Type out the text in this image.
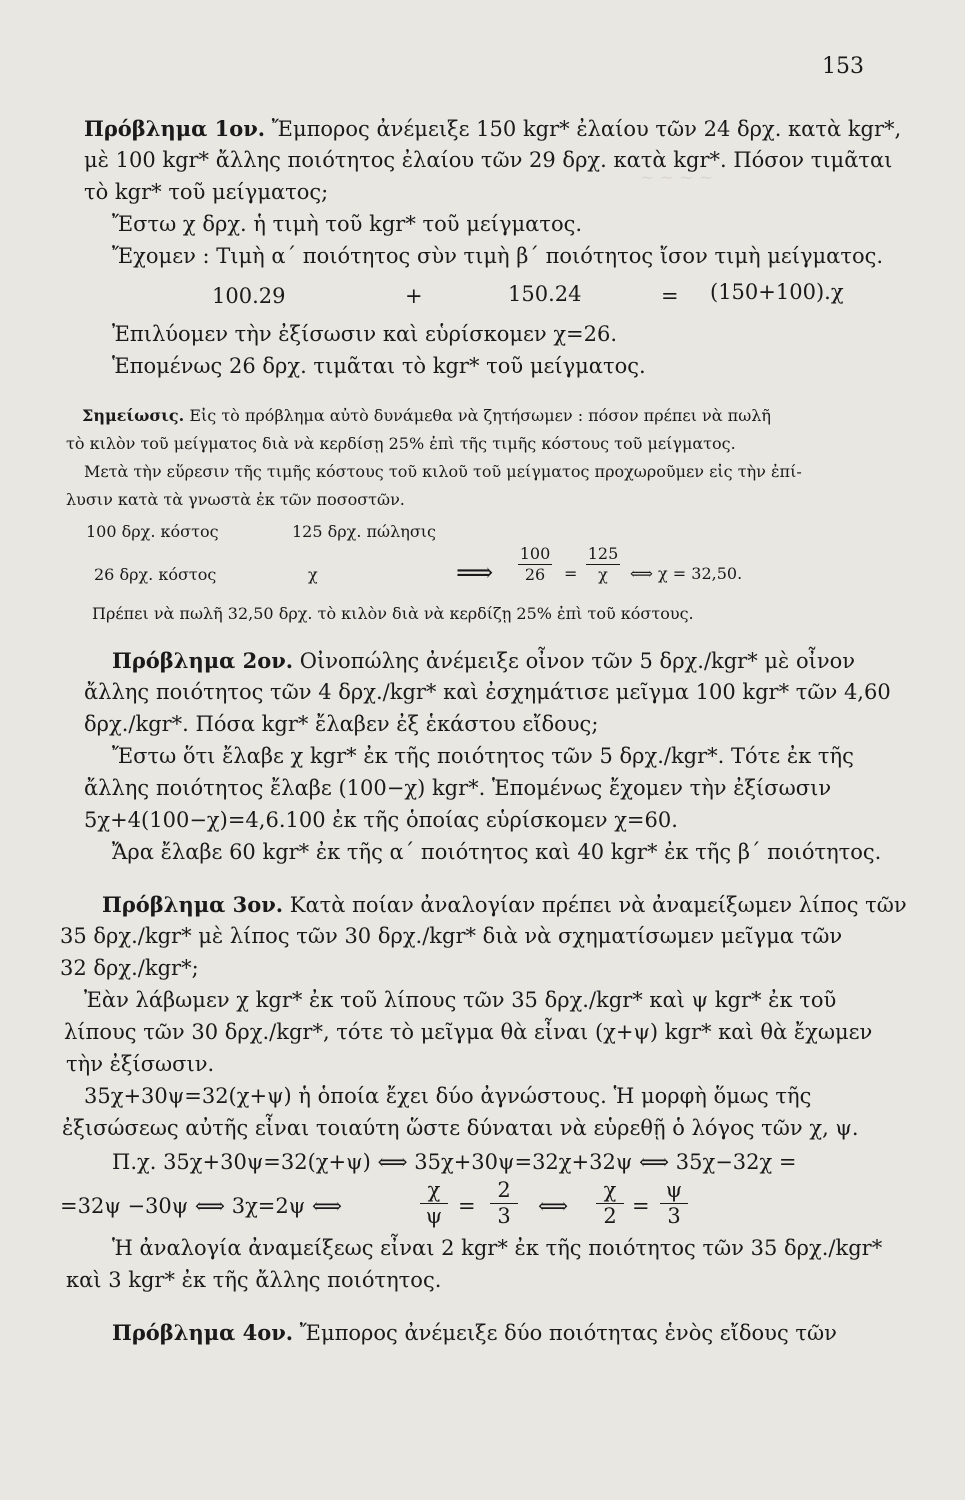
~ ~ ~ ~
153
Πρόβλημα 1ον. Ἔμπορος ἀνέμειξε 150 kgr* ἐλαίου τῶν 24 δρχ. κατὰ kgr*,
μὲ 100 kgr* ἄλλης ποιότητος ἐλαίου τῶν 29 δρχ. κατὰ kgr*. Πόσον τιμᾶται
τὸ kgr* τοῦ μείγματος;
Ἔστω χ δρχ. ἡ τιμὴ τοῦ kgr* τοῦ μείγματος.
Ἔχομεν : Τιμὴ α΄ ποιότητος σὺν τιμὴ β΄ ποιότητος ἴσον τιμὴ μείγματος.
100.29	+	150.24	= (150+100).χ
Ἐπιλύομεν τὴν ἐξίσωσιν καὶ εὑρίσκομεν χ=26.
Ἑπομένως 26 δρχ. τιμᾶται τὸ kgr* τοῦ μείγματος.
Σημείωσις. Εἰς τὸ πρόβλημα αὐτὸ δυνάμεθα νὰ ζητήσωμεν : πόσον πρέπει νὰ πωλῆ
τὸ κιλὸν τοῦ μείγματος διὰ νὰ κερδίσῃ 25% ἐπὶ τῆς τιμῆς κόστους τοῦ μείγματος.
Μετὰ τὴν εὕρεσιν τῆς τιμῆς κόστους τοῦ κιλοῦ τοῦ μείγματος προχωροῦμεν εἰς τὴν ἐπί-
λυσιν κατὰ τὰ γνωστὰ ἐκ τῶν ποσοστῶν.
100 δρχ. κόστος	125 δρχ. πώλησις
26 δρχ. κόστος	χ	⟹
100
26	=
125
χ	⟺ χ = 32,50.
Πρέπει νὰ πωλῆ 32,50 δρχ. τὸ κιλὸν διὰ νὰ κερδίζῃ 25% ἐπὶ τοῦ κόστους.
Πρόβλημα 2ον. Οἰνοπώλης ἀνέμειξε οἶνον τῶν 5 δρχ./kgr* μὲ οἶνον
ἄλλης ποιότητος τῶν 4 δρχ./kgr* καὶ ἐσχημάτισε μεῖγμα 100 kgr* τῶν 4,60
δρχ./kgr*. Πόσα kgr* ἔλαβεν ἐξ ἑκάστου εἴδους;
Ἔστω ὅτι ἔλαβε χ kgr* ἐκ τῆς ποιότητος τῶν 5 δρχ./kgr*. Τότε ἐκ τῆς
ἄλλης ποιότητος ἔλαβε (100−χ) kgr*. Ἑπομένως ἔχομεν τὴν ἐξίσωσιν
5χ+4(100−χ)=4,6.100 ἐκ τῆς ὁποίας εὑρίσκομεν χ=60.
Ἄρα ἔλαβε 60 kgr* ἐκ τῆς α΄ ποιότητος καὶ 40 kgr* ἐκ τῆς β΄ ποιότητος.
Πρόβλημα 3ον. Κατὰ ποίαν ἀναλογίαν πρέπει νὰ ἀναμείξωμεν λίπος τῶν
35 δρχ./kgr* μὲ λίπος τῶν 30 δρχ./kgr* διὰ νὰ σχηματίσωμεν μεῖγμα τῶν
32 δρχ./kgr*;
Ἐὰν λάβωμεν χ kgr* ἐκ τοῦ λίπους τῶν 35 δρχ./kgr* καὶ ψ kgr* ἐκ τοῦ
λίπους τῶν 30 δρχ./kgr*, τότε τὸ μεῖγμα θὰ εἶναι (χ+ψ) kgr* καὶ θὰ ἔχωμεν
τὴν ἐξίσωσιν.
35χ+30ψ=32(χ+ψ) ἡ ὁποία ἔχει δύο ἀγνώστους. Ἡ μορφὴ ὅμως τῆς
ἐξισώσεως αὐτῆς εἶναι τοιαύτη ὥστε δύναται νὰ εὑρεθῇ ὁ λόγος τῶν χ, ψ.
Π.χ. 35χ+30ψ=32(χ+ψ) ⟺ 35χ+30ψ=32χ+32ψ ⟺ 35χ−32χ =
=32ψ −30ψ ⟺ 3χ=2ψ ⟺
χ
ψ =
2
3	⟺
χ
2 =
ψ
3
Ἡ ἀναλογία ἀναμείξεως εἶναι 2 kgr* ἐκ τῆς ποιότητος τῶν 35 δρχ./kgr*
καὶ 3 kgr* ἐκ τῆς ἄλλης ποιότητος.
Πρόβλημα 4ον. Ἔμπορος ἀνέμειξε δύο ποιότητας ἑνὸς εἴδους τῶν
